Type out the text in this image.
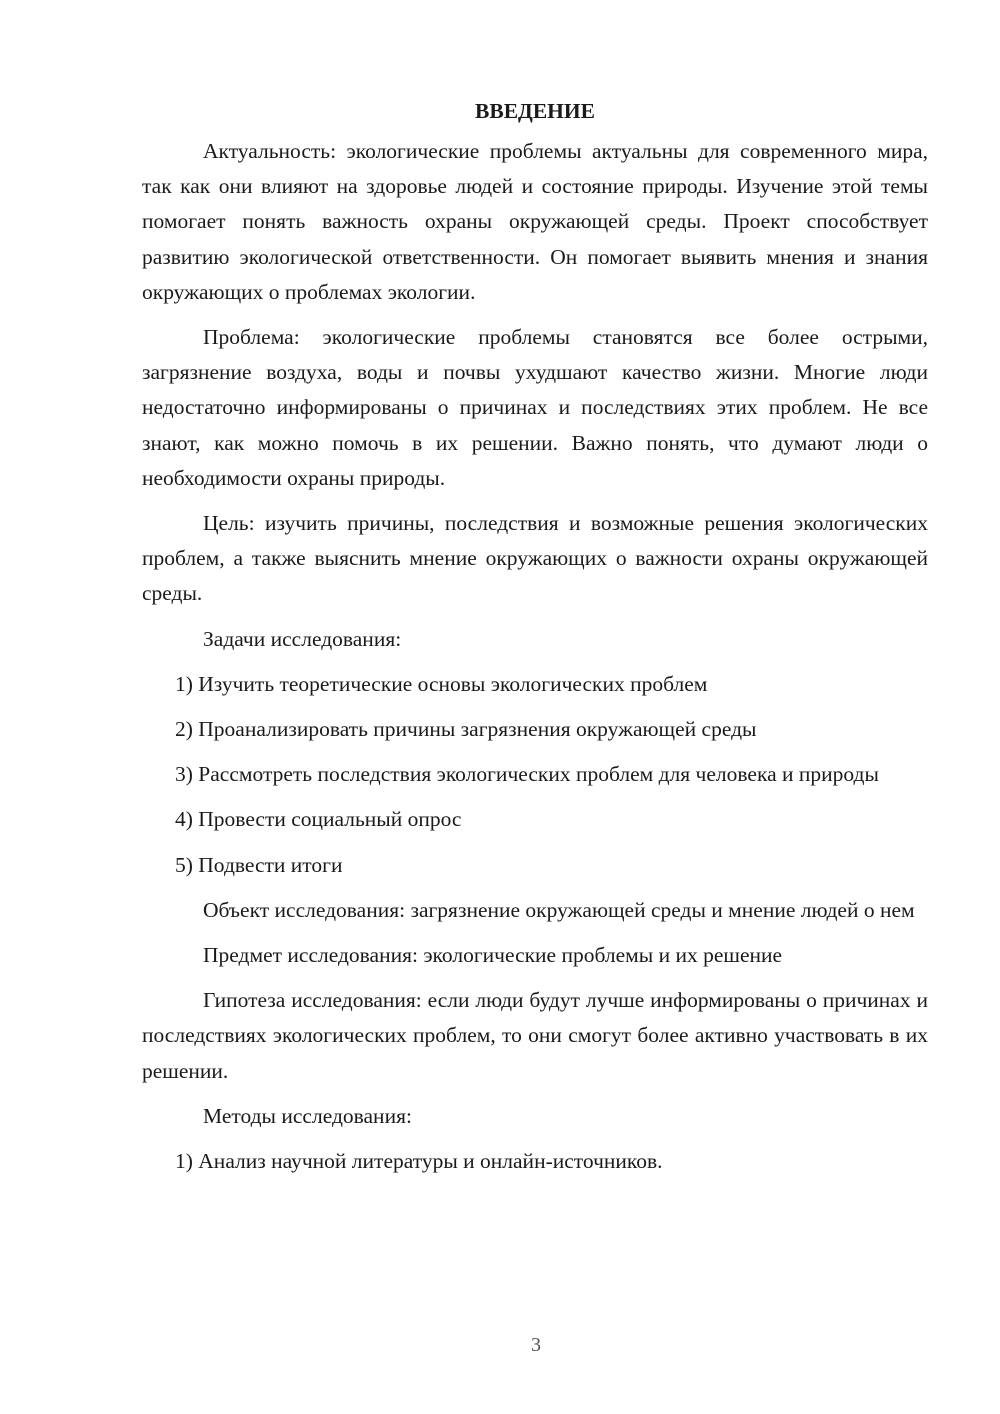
ВВЕДЕНИЕ

Актуальность: экологические проблемы актуальны для современного мира, так как они влияют на здоровье людей и состояние природы. Изучение этой темы помогает понять важность охраны окружающей среды. Проект способствует развитию экологической ответственности. Он помогает выявить мнения и знания окружающих о проблемах экологии.

Проблема: экологические проблемы становятся все более острыми, загрязнение воздуха, воды и почвы ухудшают качество жизни. Многие люди недостаточно информированы о причинах и последствиях этих проблем. Не все знают, как можно помочь в их решении. Важно понять, что думают люди о необходимости охраны природы.

Цель: изучить причины, последствия и возможные решения экологических проблем, а также выяснить мнение окружающих о важности охраны окружающей среды.

Задачи исследования:

1) Изучить теоретические основы экологических проблем

2) Проанализировать причины загрязнения окружающей среды

3) Рассмотреть последствия экологических проблем для человека и природы

4) Провести социальный опрос

5) Подвести итоги

Объект исследования: загрязнение окружающей среды и мнение людей о нем

Предмет исследования: экологические проблемы и их решение

Гипотеза исследования: если люди будут лучше информированы о причинах и последствиях экологических проблем, то они смогут более активно участвовать в их решении.

Методы исследования:

1) Анализ научной литературы и онлайн-источников.

3
